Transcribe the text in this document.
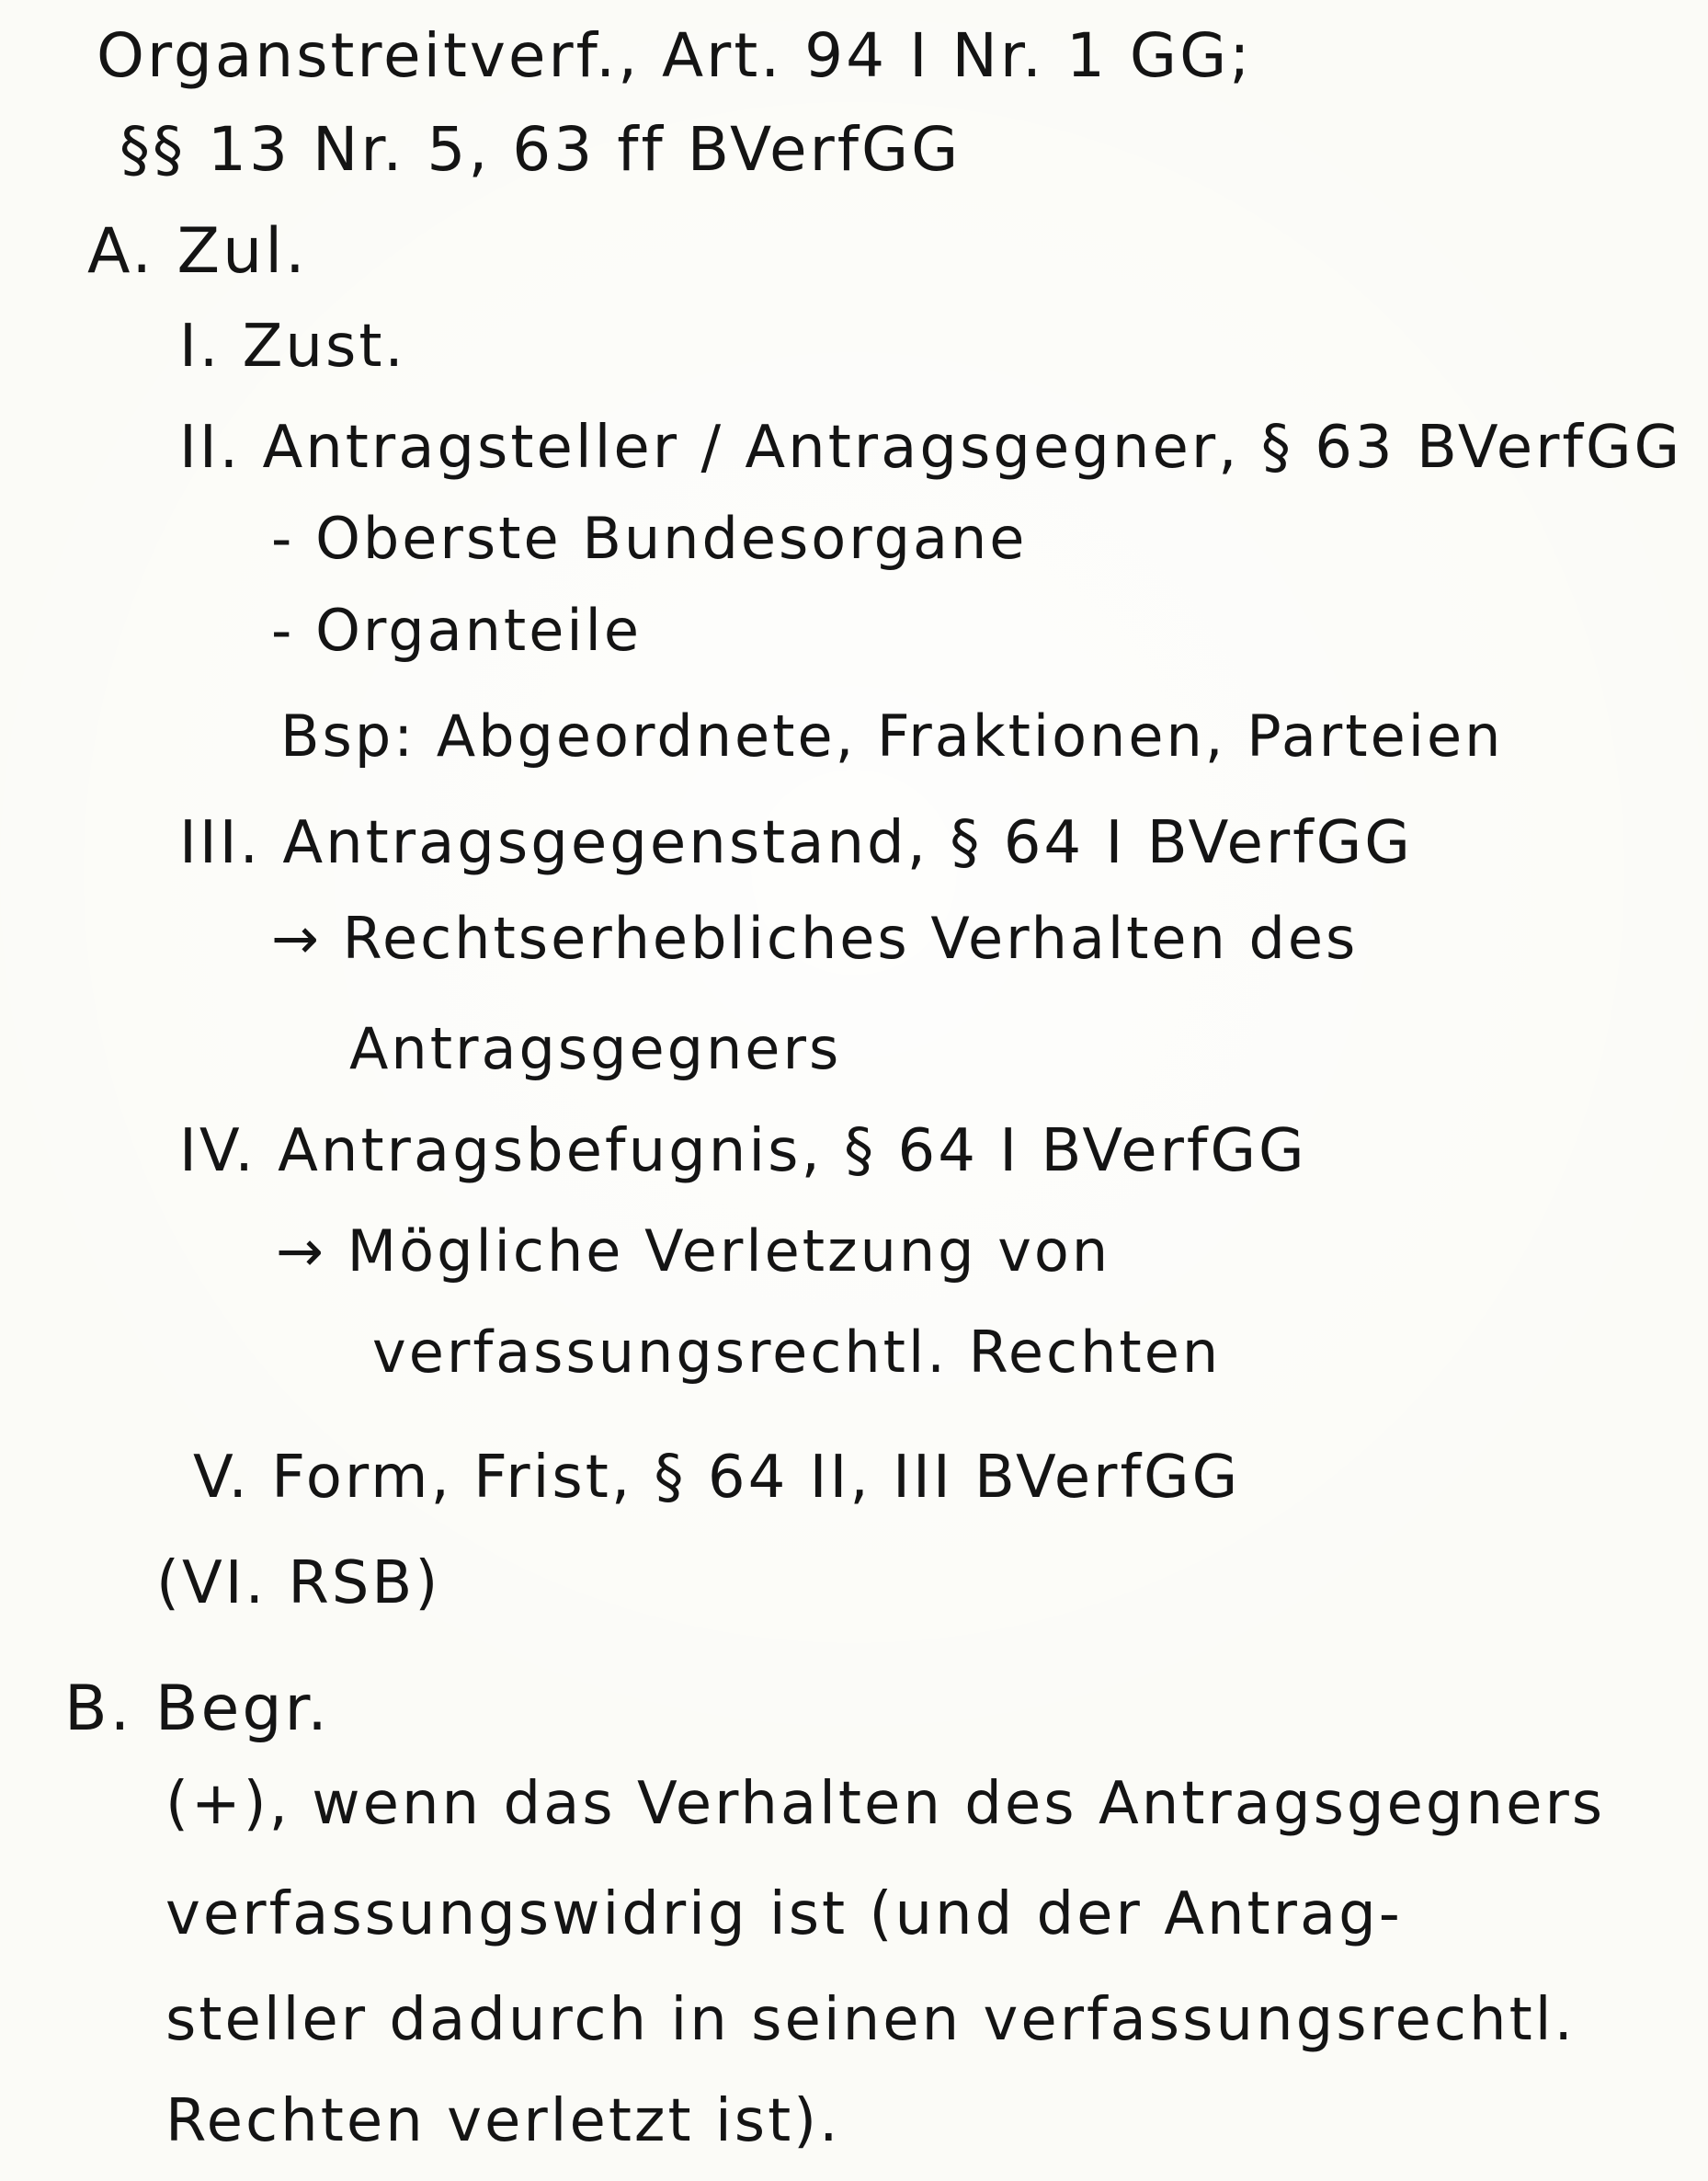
Organstreitverf., Art. 94 I Nr. 1 GG;
§§ 13 Nr. 5, 63 ff BVerfGG
A. Zul.
I. Zust.
II. Antragsteller / Antragsgegner, § 63 BVerfGG
- Oberste Bundesorgane
- Organteile
Bsp: Abgeordnete, Fraktionen, Parteien
III. Antragsgegenstand, § 64 I BVerfGG
→ Rechtserhebliches Verhalten des
Antragsgegners
IV. Antragsbefugnis, § 64 I BVerfGG
→ Mögliche Verletzung von
verfassungsrechtl. Rechten
V. Form, Frist, § 64 II, III BVerfGG
(VI. RSB)
B. Begr.
(+), wenn das Verhalten des Antragsgegners
verfassungswidrig ist (und der Antrag-
steller dadurch in seinen verfassungsrechtl.
Rechten verletzt ist).
